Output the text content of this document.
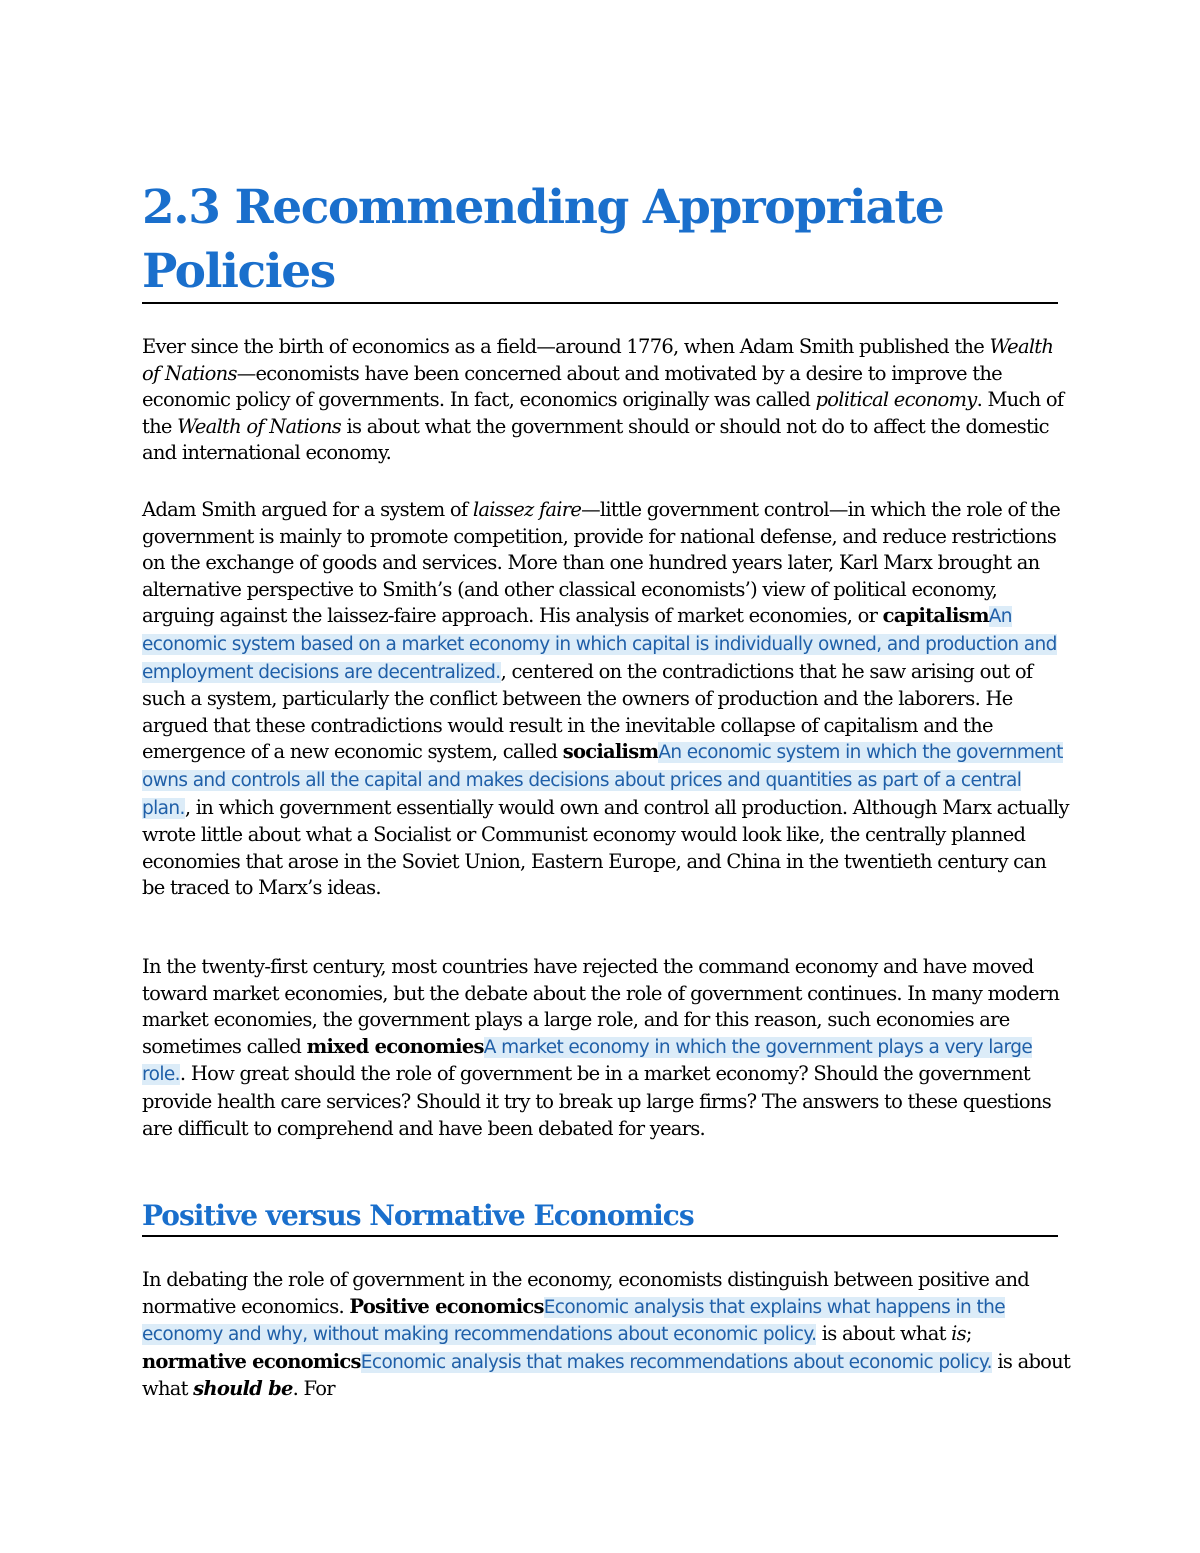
2.3 Recommending Appropriate Policies

Ever since the birth of economics as a field—around 1776, when Adam Smith published the Wealth of Nations—economists have been concerned about and motivated by a desire to improve the economic policy of governments. In fact, economics originally was called political economy. Much of the Wealth of Nations is about what the government should or should not do to affect the domestic and international economy.

Adam Smith argued for a system of laissez faire—little government control—in which the role of the government is mainly to promote competition, provide for national defense, and reduce restrictions on the exchange of goods and services. More than one hundred years later, Karl Marx brought an alternative perspective to Smith’s (and other classical economists’) view of political economy, arguing against the laissez-faire approach. His analysis of market economies, or capitalismAn economic system based on a market economy in which capital is individually owned, and production and employment decisions are decentralized., centered on the contradictions that he saw arising out of such a system, particularly the conflict between the owners of production and the laborers. He argued that these contradictions would result in the inevitable collapse of capitalism and the emergence of a new economic system, called socialismAn economic system in which the government owns and controls all the capital and makes decisions about prices and quantities as part of a central plan., in which government essentially would own and control all production. Although Marx actually wrote little about what a Socialist or Communist economy would look like, the centrally planned economies that arose in the Soviet Union, Eastern Europe, and China in the twentieth century can be traced to Marx’s ideas.

In the twenty-first century, most countries have rejected the command economy and have moved toward market economies, but the debate about the role of government continues. In many modern market economies, the government plays a large role, and for this reason, such economies are sometimes called mixed economiesA market economy in which the government plays a very large role.. How great should the role of government be in a market economy? Should the government provide health care services? Should it try to break up large firms? The answers to these questions are difficult to comprehend and have been debated for years.

Positive versus Normative Economics

In debating the role of government in the economy, economists distinguish between positive and normative economics. Positive economicsEconomic analysis that explains what happens in the economy and why, without making recommendations about economic policy. is about what is; normative economicsEconomic analysis that makes recommendations about economic policy. is about what should be. For
